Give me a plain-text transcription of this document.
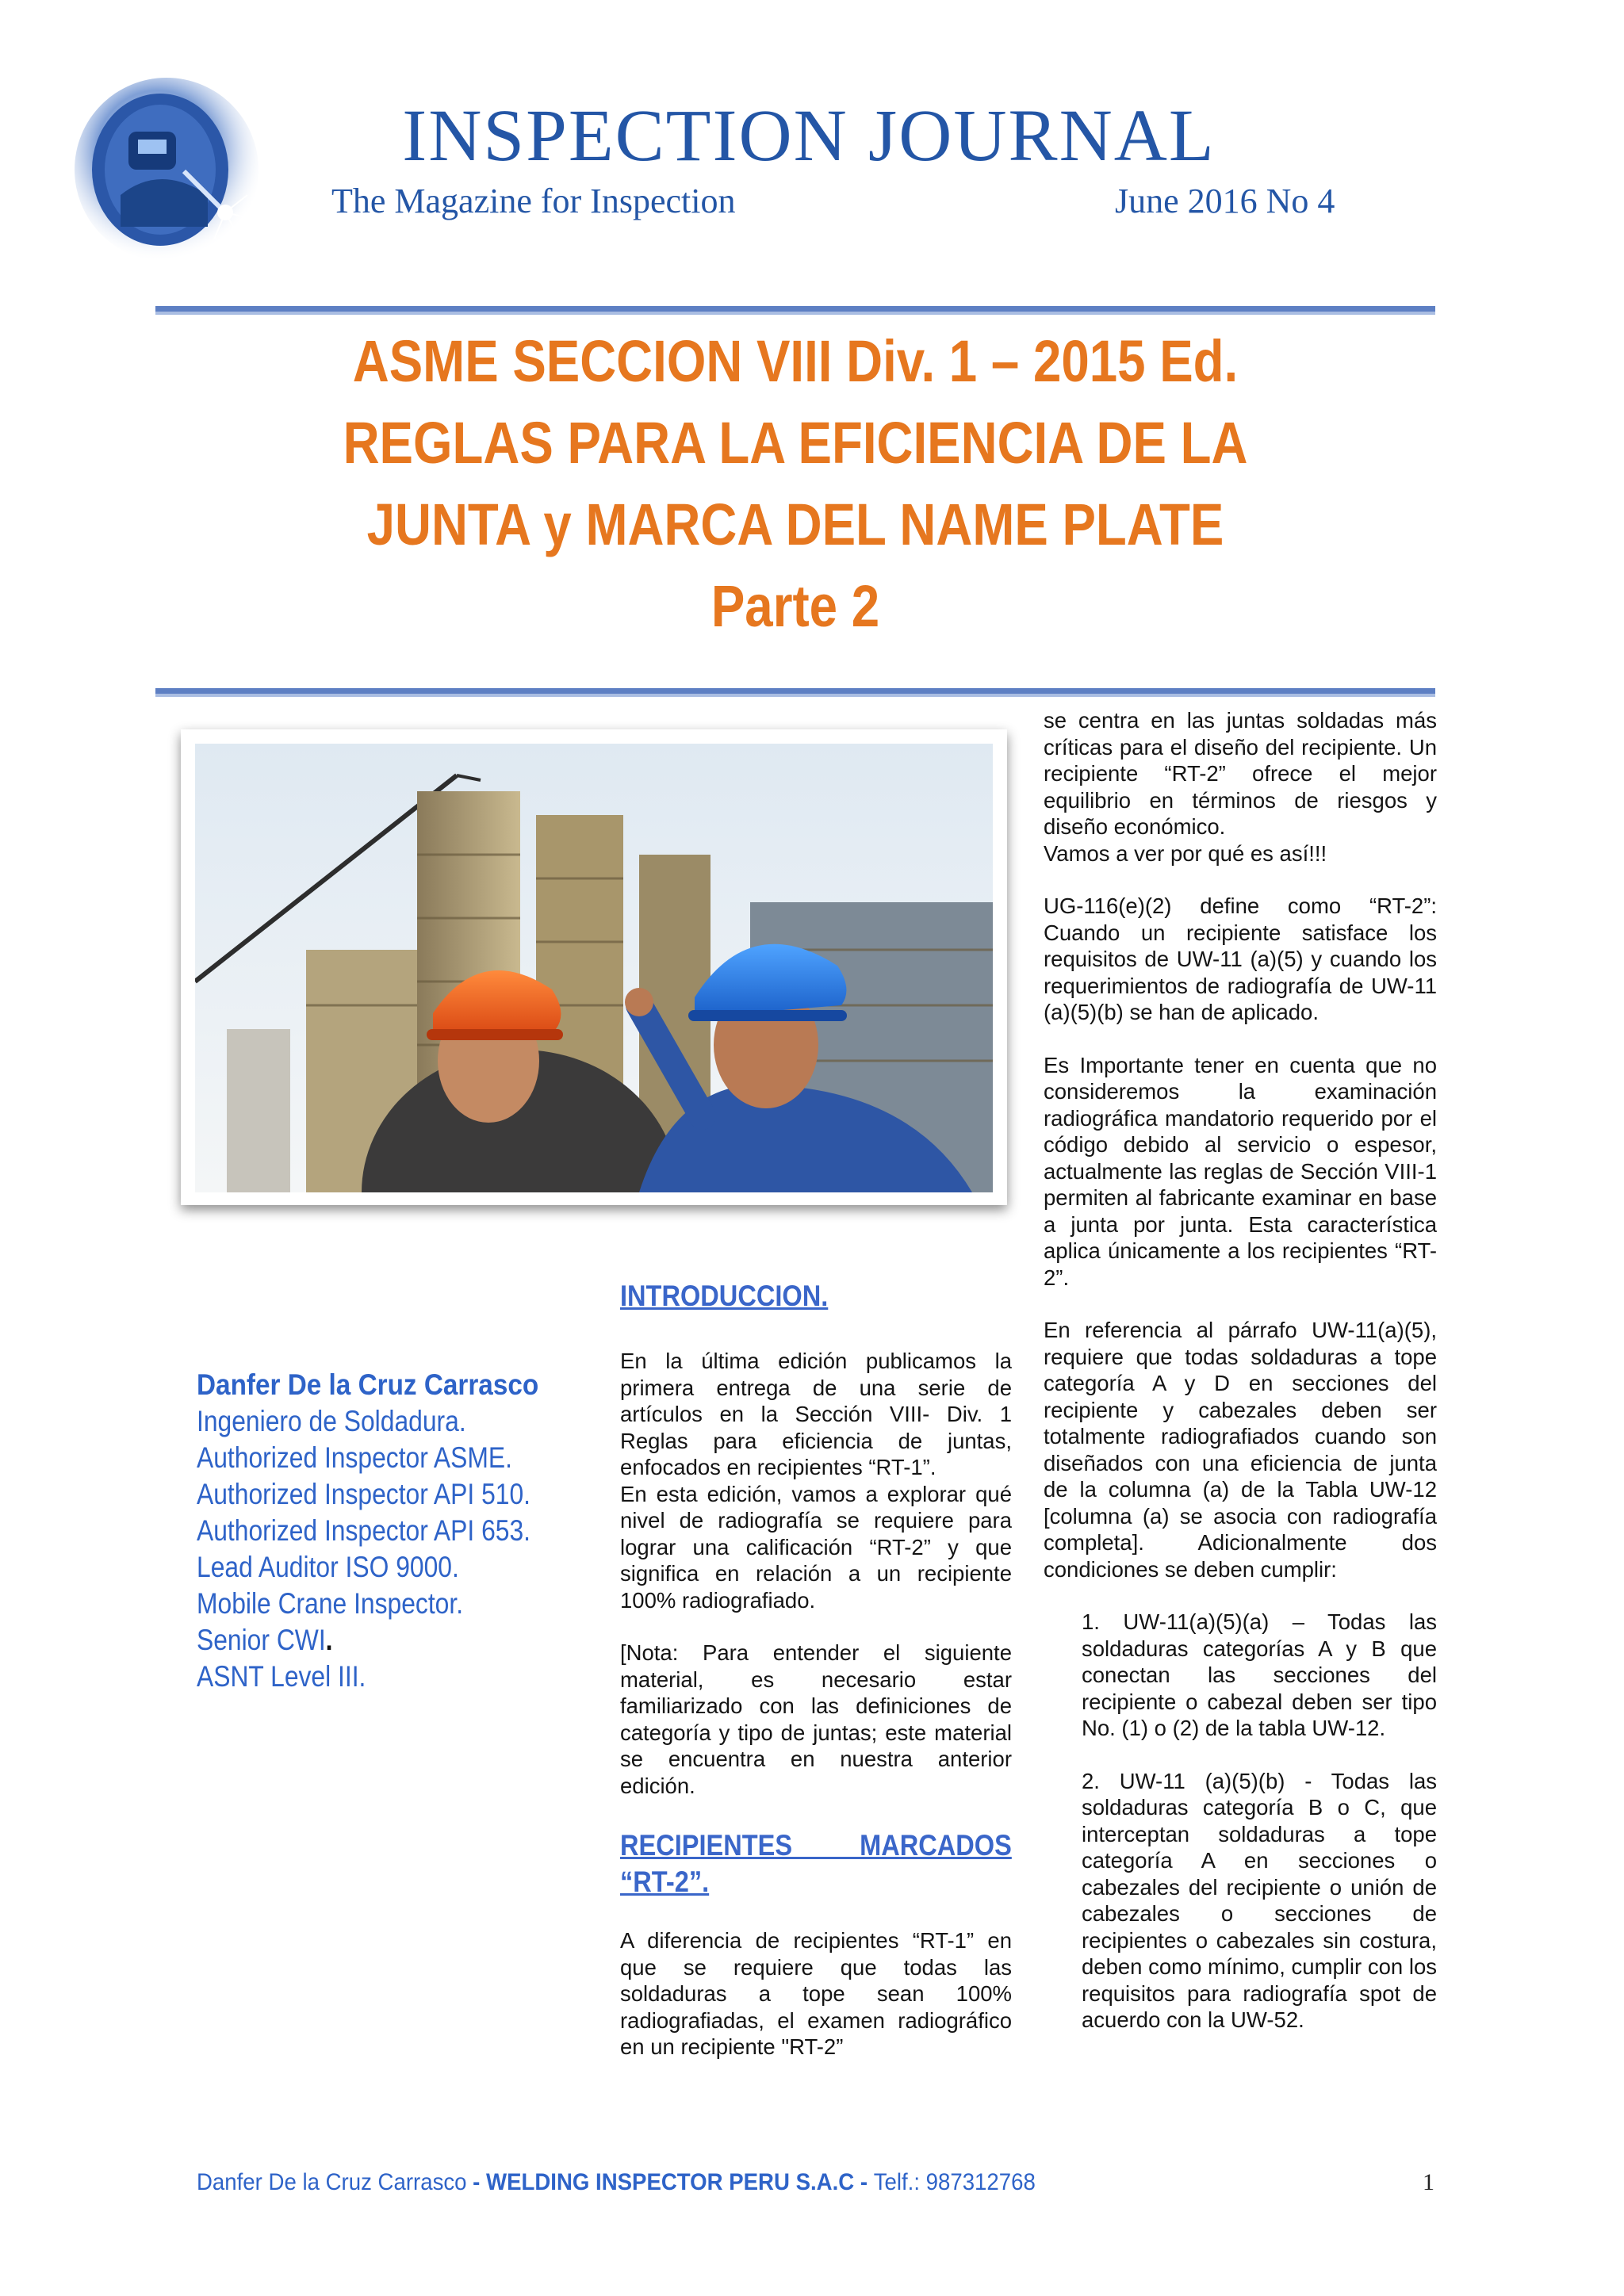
INSPECTION JOURNAL
The Magazine for Inspection	June 2016 No 4
ASME SECCION VIII Div. 1 – 2015 Ed.
REGLAS PARA LA EFICIENCIA DE LA
JUNTA y MARCA DEL NAME PLATE
Parte 2
Danfer De la Cruz Carrasco
Ingeniero de Soldadura.
Authorized Inspector ASME.
Authorized Inspector API 510.
Authorized Inspector API 653.
Lead Auditor ISO 9000.
Mobile Crane Inspector.
Senior CWI.
ASNT Level III.
INTRODUCCION.

En la última edición publicamos la primera entrega de una serie de artículos en la Sección VIII- Div. 1 Reglas para eficiencia de juntas, enfocados en recipientes “RT-1”.

En esta edición, vamos a explorar qué nivel de radiografía se requiere para lograr una calificación “RT-2” y que significa en relación a un recipiente 100% radiografiado.

[Nota: Para entender el siguiente material, es necesario estar familiarizado con las definiciones de categoría y tipo de juntas; este material se encuentra en nuestra anterior edición.

RECIPIENTES MARCADOS “RT-2”.

A diferencia de recipientes “RT-1” en que se requiere que todas las soldaduras a tope sean 100% radiografiadas, el examen radiográfico en un recipiente "RT-2”

se centra en las juntas soldadas más críticas para el diseño del recipiente. Un recipiente “RT-2” ofrece el mejor equilibrio en términos de riesgos y diseño económico.

Vamos a ver por qué es así!!!

UG-116(e)(2) define como “RT-2”: Cuando un recipiente satisface los requisitos de UW-11 (a)(5) y cuando los requerimientos de radiografía de UW-11 (a)(5)(b) se han de aplicado.

Es Importante tener en cuenta que no consideremos la examinación radiográfica mandatorio requerido por el código debido al servicio o espesor, actualmente las reglas de Sección VIII-1 permiten al fabricante examinar en base a junta por junta. Esta característica aplica únicamente a los recipientes “RT-2”.

En referencia al párrafo UW-11(a)(5), requiere que todas soldaduras a tope categoría A y D en secciones del recipiente y cabezales deben ser totalmente radiografiados cuando son diseñados con una eficiencia de junta de la columna (a) de la Tabla UW-12 [columna (a) se asocia con radiografía completa]. Adicionalmente dos condiciones se deben cumplir:

1. UW-11(a)(5)(a) – Todas las soldaduras categorías A y B que conectan las secciones del recipiente o cabezal deben ser tipo No. (1) o (2) de la tabla UW-12.

2. UW-11 (a)(5)(b) - Todas las soldaduras categoría B o C, que interceptan soldaduras a tope categoría A en secciones o cabezales del recipiente o unión de cabezales o secciones de recipientes o cabezales sin costura, deben como mínimo, cumplir con los requisitos para radiografía spot de acuerdo con la UW-52.

Danfer De la Cruz Carrasco - WELDING INSPECTOR PERU S.A.C - Telf.: 987312768	1
